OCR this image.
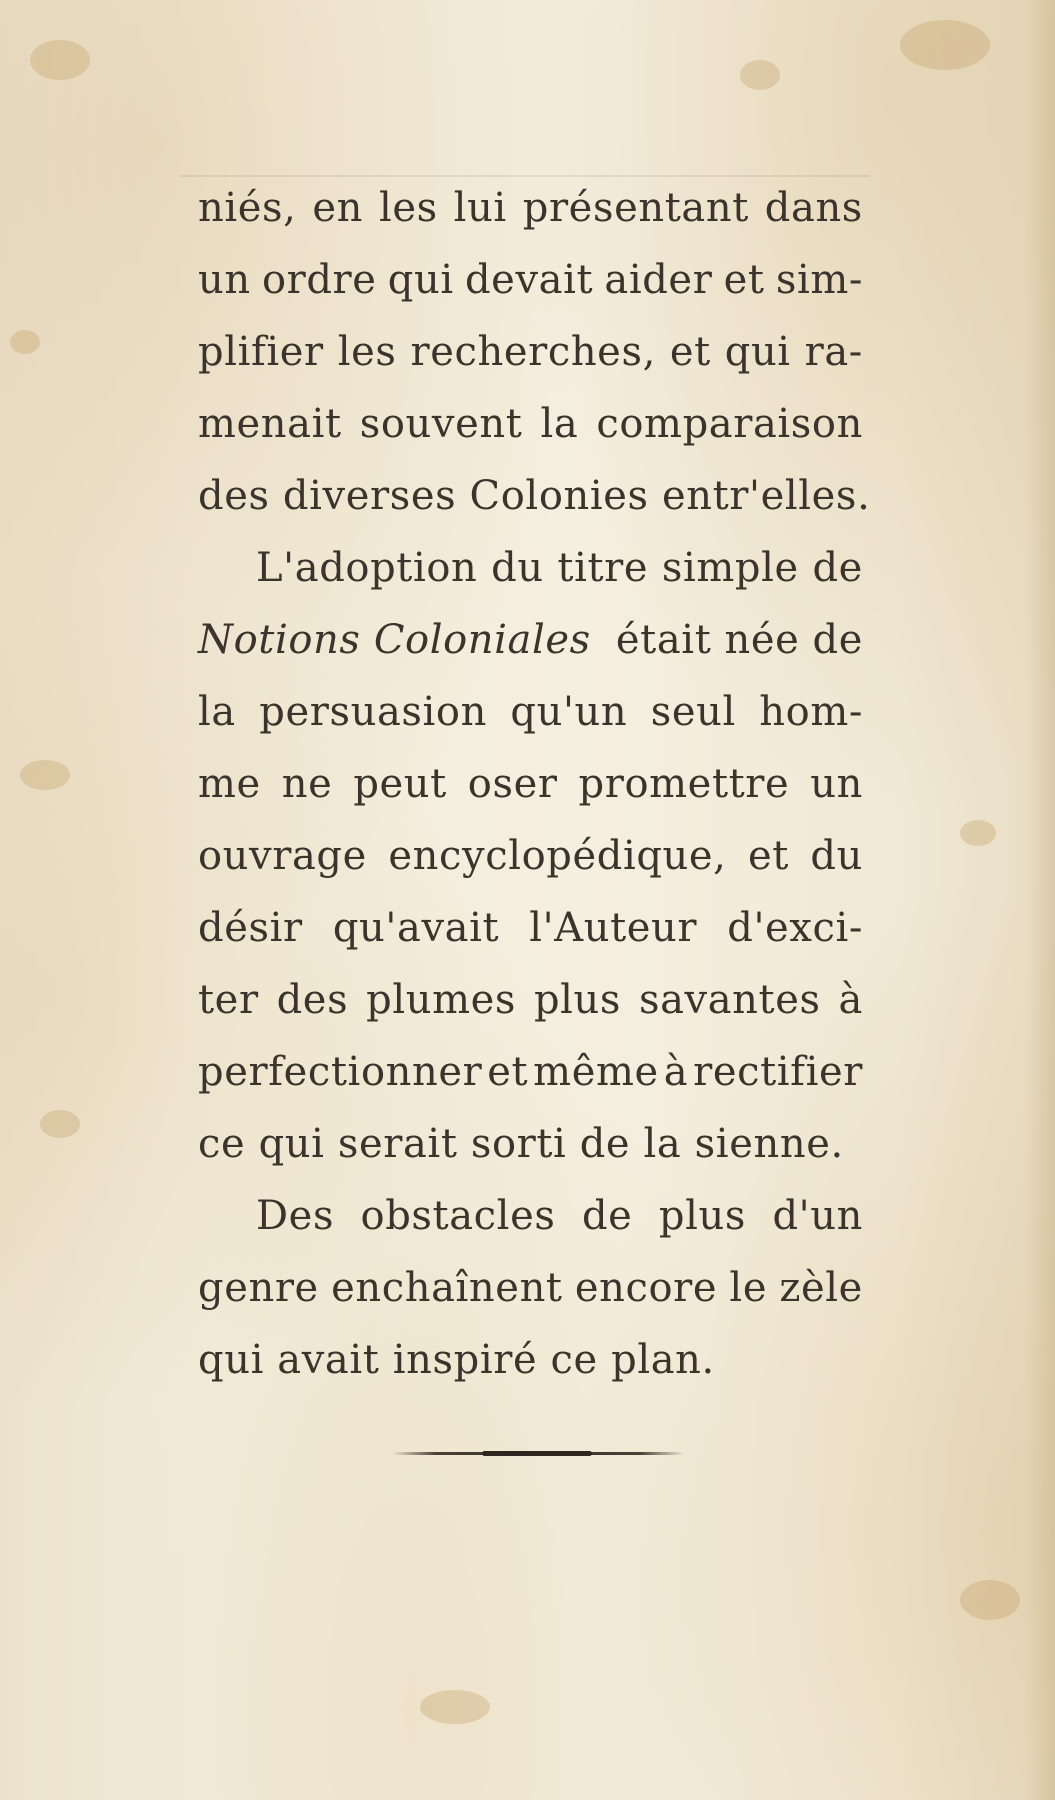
niés, en les lui présentant dans
un ordre qui devait aider et sim-
plifier les recherches, et qui ra-
menait souvent la comparaison
des diverses Colonies entr'elles.
L'adoption du titre simple de
Notions Coloniales était née de
la persuasion qu'un seul hom-
me ne peut oser promettre un
ouvrage encyclopédique, et du
désir qu'avait l'Auteur d'exci-
ter des plumes plus savantes à
perfectionner et même à rectifier
ce qui serait sorti de la sienne.
Des obstacles de plus d'un
genre enchaînent encore le zèle
qui avait inspiré ce plan.
